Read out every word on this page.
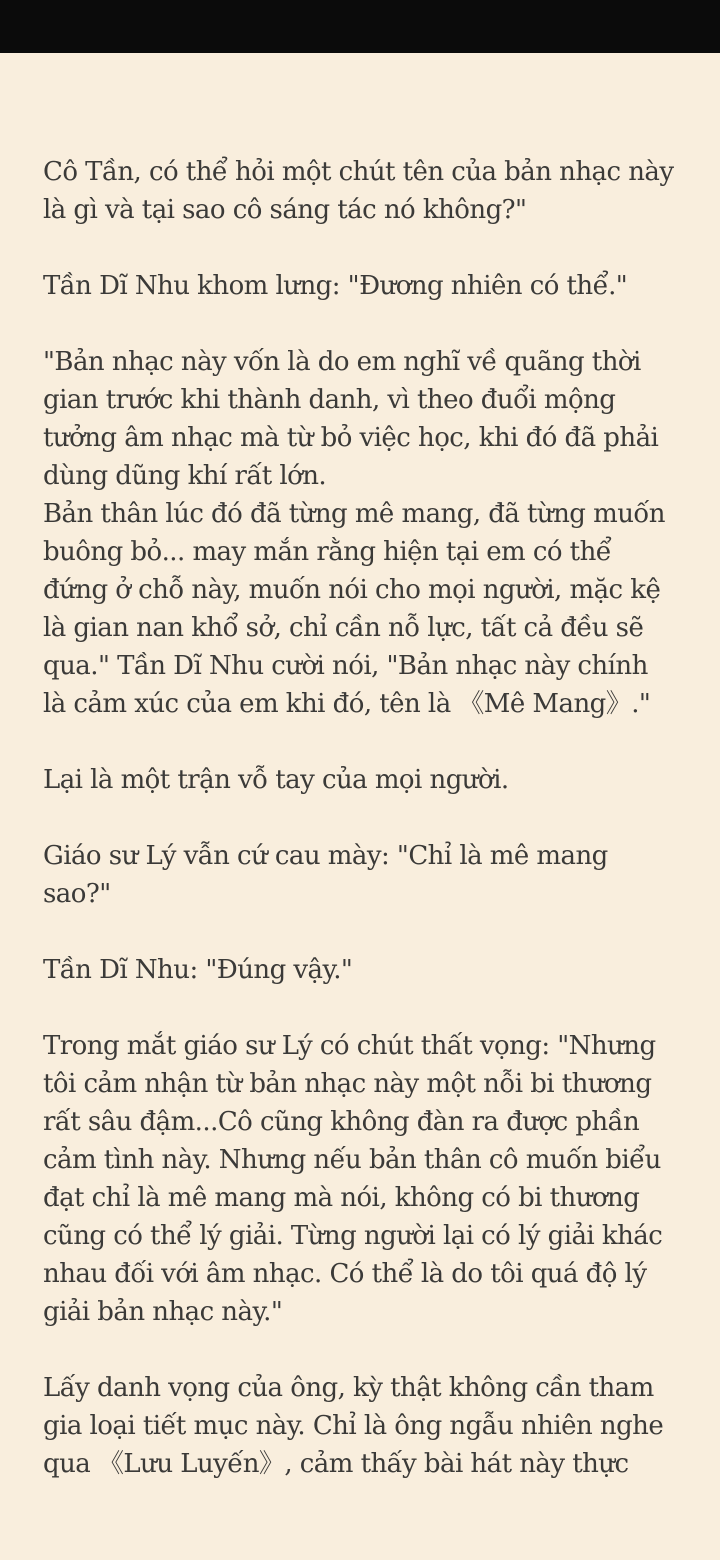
Cô Tần, có thể hỏi một chút tên của bản nhạc này
là gì và tại sao cô sáng tác nó không?"

Tần Dĩ Nhu khom lưng: "Đương nhiên có thể."

"Bản nhạc này vốn là do em nghĩ về quãng thời
gian trước khi thành danh, vì theo đuổi mộng
tưởng âm nhạc mà từ bỏ việc học, khi đó đã phải
dùng dũng khí rất lớn.

Bản thân lúc đó đã từng mê mang, đã từng muốn
buông bỏ... may mắn rằng hiện tại em có thể
đứng ở chỗ này, muốn nói cho mọi người, mặc kệ
là gian nan khổ sở, chỉ cần nỗ lực, tất cả đều sẽ
qua." Tần Dĩ Nhu cười nói, "Bản nhạc này chính
là cảm xúc của em khi đó, tên là 《Mê Mang》."

Lại là một trận vỗ tay của mọi người.

Giáo sư Lý vẫn cứ cau mày: "Chỉ là mê mang
sao?"

Tần Dĩ Nhu: "Đúng vậy."

Trong mắt giáo sư Lý có chút thất vọng: "Nhưng
tôi cảm nhận từ bản nhạc này một nỗi bi thương
rất sâu đậm...Cô cũng không đàn ra được phần
cảm tình này. Nhưng nếu bản thân cô muốn biểu
đạt chỉ là mê mang mà nói, không có bi thương
cũng có thể lý giải. Từng người lại có lý giải khác
nhau đối với âm nhạc. Có thể là do tôi quá độ lý
giải bản nhạc này."

Lấy danh vọng của ông, kỳ thật không cần tham
gia loại tiết mục này. Chỉ là ông ngẫu nhiên nghe
qua 《Lưu Luyến》, cảm thấy bài hát này thực
